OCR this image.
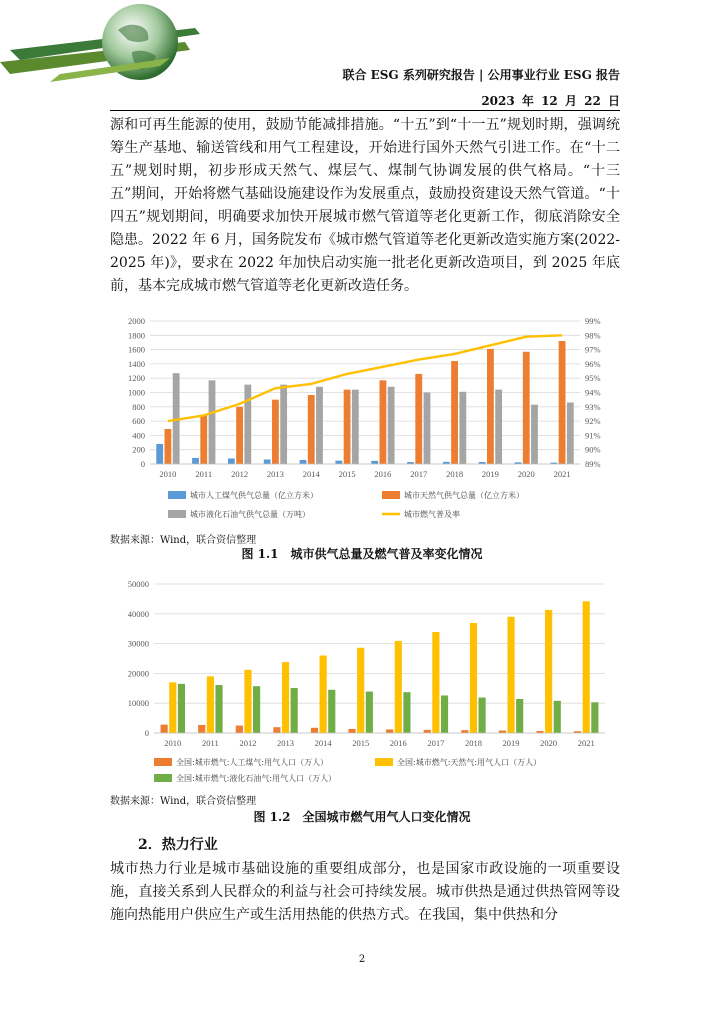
联合 ESG 系列研究报告 | 公用事业行业 ESG 报告
2023 年 12 月 22 日
源和可再生能源的使用，鼓励节能减排措施。“十五”到“十一五”规划时期，强调统筹生产基地、输送管线和用气工程建设，开始进行国外天然气引进工作。在“十二五”规划时期，初步形成天然气、煤层气、煤制气协调发展的供气格局。“十三五”期间，开始将燃气基础设施建设作为发展重点，鼓励投资建设天然气管道。“十四五”规划期间，明确要求加快开展城市燃气管道等老化更新工作，彻底消除安全隐患。2022 年 6 月，国务院发布《城市燃气管道等老化更新改造实施方案(2022-2025 年)》，要求在 2022 年加快启动实施一批老化更新改造项目，到 2025 年底前，基本完成城市燃气管道等老化更新改造任务。
0
200
400
600
800
1000
1200
1400
1600
1800
2000
89%
90%
91%
92%
93%
94%
95%
96%
97%
98%
99%
2010 2011 2012 2013 2014 2015 2016 2017 2018 2019 2020 2021
城市人工煤气供气总量（亿立方米）	城市天然气供气总量（亿立方米）
城市液化石油气供气总量（万吨）	城市燃气普及率
数据来源：Wind，联合资信整理
图 1.1　城市供气总量及燃气普及率变化情况
0
10000
20000
30000
40000
50000
2010 2011 2012 2013 2014 2015 2016 2017 2018 2019 2020 2021
全国:城市燃气:人工煤气:用气人口（万人）	全国:城市燃气:天然气:用气人口（万人）
全国:城市燃气:液化石油气:用气人口（万人）
数据来源：Wind，联合资信整理
图 1.2　全国城市燃气用气人口变化情况
2．热力行业
城市热力行业是城市基础设施的重要组成部分，也是国家市政设施的一项重要设施，直接关系到人民群众的利益与社会可持续发展。城市供热是通过供热管网等设施向热能用户供应生产或生活用热能的供热方式。在我国，集中供热和分
2
